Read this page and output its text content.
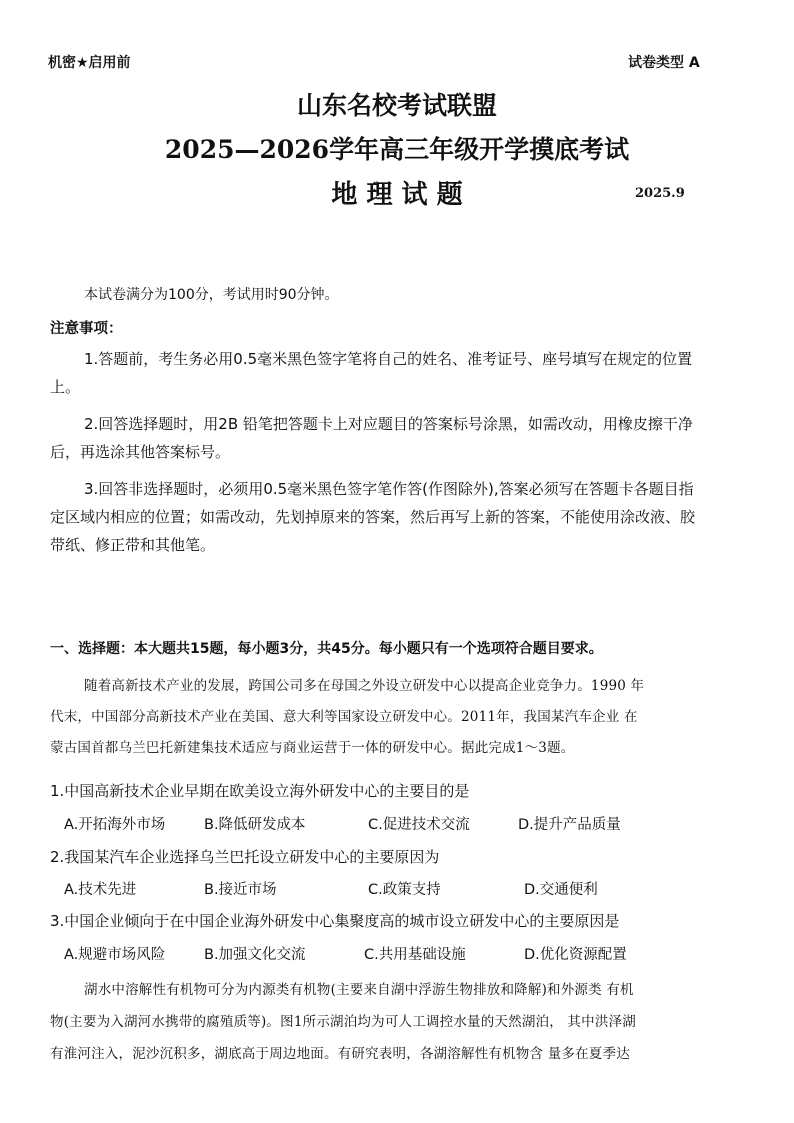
机密★启用前	试卷类型 A
山东名校考试联盟
2025—2026学年高三年级开学摸底考试
地 理 试 题	2025.9
本试卷满分为100分，考试用时90分钟。
注意事项：
1.答题前，考生务必用0.5毫米黑色签字笔将自己的姓名、准考证号、座号填写在规定的位置
上。
2.回答选择题时，用2B 铅笔把答题卡上对应题目的答案标号涂黑，如需改动，用橡皮擦干净
后，再选涂其他答案标号。
3.回答非选择题时，必须用0.5毫米黑色签字笔作答(作图除外),答案必须写在答题卡各题目指
定区域内相应的位置；如需改动，先划掉原来的答案，然后再写上新的答案，不能使用涂改液、胶
带纸、修正带和其他笔。
一、选择题：本大题共15题，每小题3分，共45分。每小题只有一个选项符合题目要求。
随着高新技术产业的发展，跨国公司多在母国之外设立研发中心以提高企业竞争力。1990 年
代末，中国部分高新技术产业在美国、意大利等国家设立研发中心。2011年，我国某汽车企业 在
蒙古国首都乌兰巴托新建集技术适应与商业运营于一体的研发中心。据此完成1～3题。
1.中国高新技术企业早期在欧美设立海外研发中心的主要目的是
A.开拓海外市场	B.降低研发成本	C.促进技术交流	D.提升产品质量
2.我国某汽车企业选择乌兰巴托设立研发中心的主要原因为
A.技术先进	B.接近市场	C.政策支持	D.交通便利
3.中国企业倾向于在中国企业海外研发中心集聚度高的城市设立研发中心的主要原因是
A.规避市场风险	B.加强文化交流	C.共用基础设施	D.优化资源配置
湖水中溶解性有机物可分为内源类有机物(主要来自湖中浮游生物排放和降解)和外源类 有机
物(主要为入湖河水携带的腐殖质等)。图1所示湖泊均为可人工调控水量的天然湖泊， 其中洪泽湖
有淮河注入，泥沙沉积多，湖底高于周边地面。有研究表明，各湖溶解性有机物含 量多在夏季达
